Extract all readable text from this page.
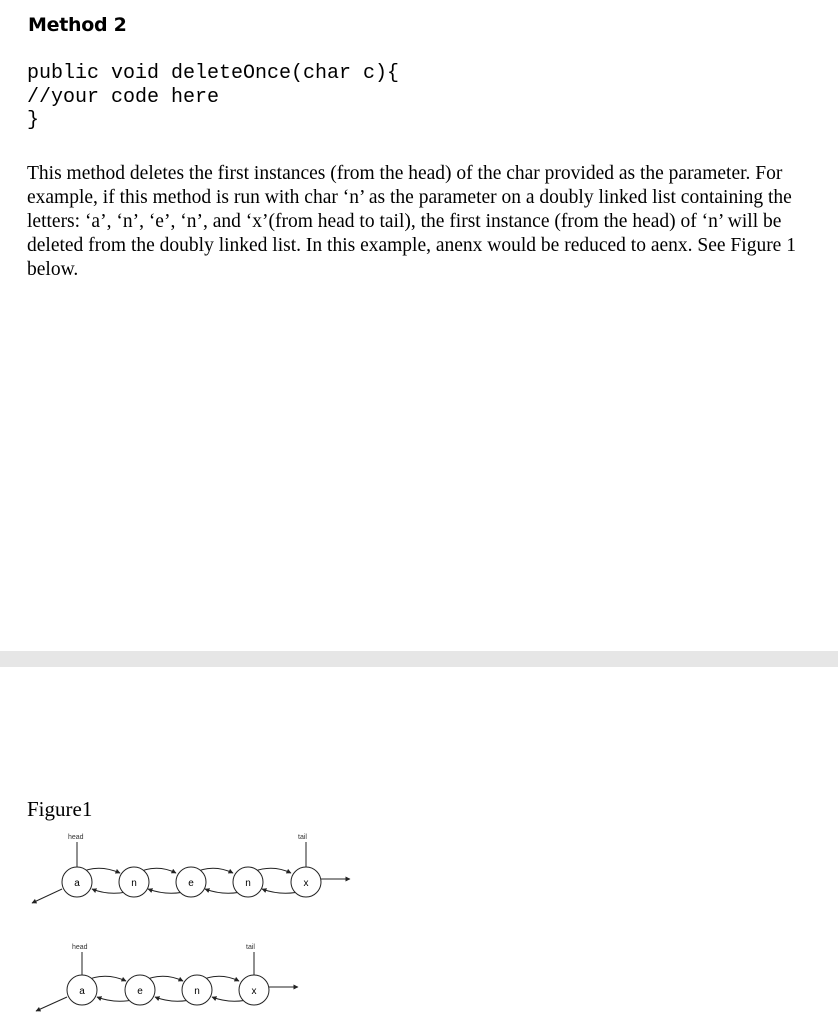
Method 2
public void deleteOnce(char c){
//your code here
}

This method deletes the first instances (from the head) of the char provided as the parameter. For example, if this method is run with char ‘n’ as the parameter on a doubly linked list containing the letters: ‘a’, ‘n’, ‘e’, ‘n’, and ‘x’(from head to tail), the first instance (from the head) of ‘n’ will be deleted from the doubly linked list. In this example, anenx would be reduced to aenx. See Figure 1 below.

Figure1
head	tail
a	n	e	n	x
head	tail
a	e	n	x
